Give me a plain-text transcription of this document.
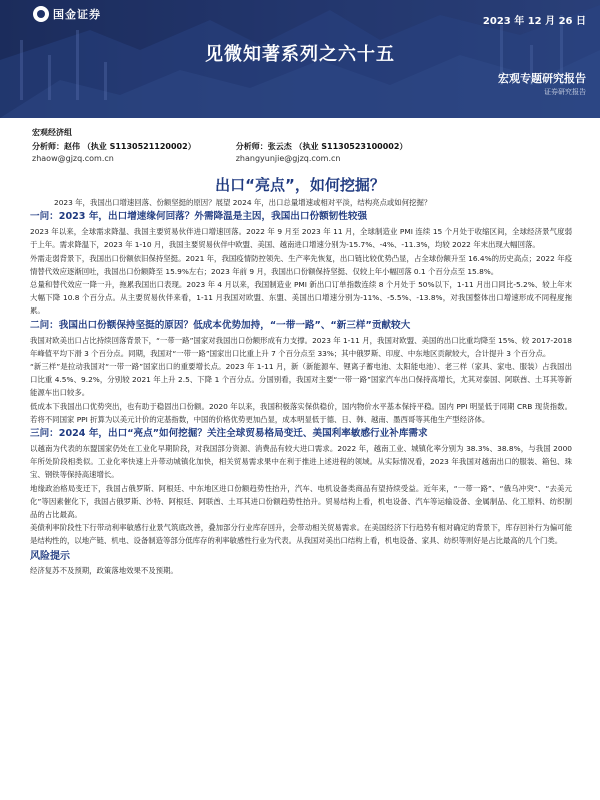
国金证券
2023 年 12 月 26 日
见微知著系列之六十五
宏观专题研究报告
证券研究报告
宏观经济组
分析师：赵伟 （执业 S1130521120002）
zhaow@gjzq.com.cn
分析师：张云杰 （执业 S1130523100002）
zhangyunjie@gjzq.com.cn
出口“亮点”，如何挖掘？

2023 年，我国出口增速回落、份额坚挺的原因？展望 2024 年，出口总量增速或相对平淡，结构亮点或如何挖掘？

一问：2023 年，出口增速缘何回落？外需降温是主因，我国出口份额韧性较强

2023 年以来，全球需求降温、我国主要贸易伙伴进口增速回落。2022 年 9 月至 2023 年 11 月，全球制造业 PMI 连续 15 个月处于收缩区间，全球经济景气度弱于上年。需求降温下，2023 年 1-10 月，我国主要贸易伙伴中欧盟、美国、越南进口增速分别为-15.7%、-4%、-11.3%，均较 2022 年末出现大幅回落。

外需走弱背景下，我国出口份额依旧保持坚挺。2021 年，我国疫情防控领先、生产率先恢复，出口链比较优势凸显，占全球份额升至 16.4%的历史高点；2022 年疫情替代效应逐渐回吐，我国出口份额降至 15.9%左右；2023 年前 9 月，我国出口份额保持坚挺、仅较上年小幅回落 0.1 个百分点至 15.8%。

总量和替代效应一降一升，拖累我国出口表现。2023 年 4 月以来，我国制造业 PMI 新出口订单指数连续 8 个月处于 50%以下，1-11 月出口同比-5.2%、较上年末大幅下降 10.8 个百分点。从主要贸易伙伴来看，1-11 月我国对欧盟、东盟、美国出口增速分别为-11%、-5.5%、-13.8%，对我国整体出口增速形成不同程度拖累。

二问：我国出口份额保持坚挺的原因？低成本优势加持，“一带一路”、“新三样”贡献较大

我国对欧美出口占比持续回落背景下，“一带一路”国家对我国出口份额形成有力支撑。2023 年 1-11 月，我国对欧盟、美国的出口比重均降至 15%、较 2017-2018 年峰值平均下滑 3 个百分点。同期，我国对“一带一路”国家出口比重上升 7 个百分点至 33%；其中俄罗斯、印度、中东地区贡献较大，合计提升 3 个百分点。

“新三样”是拉动我国对“一带一路”国家出口的重要增长点。2023 年 1-11 月，新（新能源车、锂离子蓄电池、太阳能电池）、老三样（家具、家电、服装）占我国出口比重 4.5%、9.2%，分别较 2021 年上升 2.5、下降 1 个百分点。分国别看，我国对主要“一带一路”国家汽车出口保持高增长，尤其对泰国、阿联酋、土耳其等新能源车出口较多。

低成本下我国出口优势突出，也有助于稳固出口份额。2020 年以来，我国积极落实保供稳价，国内物价水平基本保持平稳。国内 PPI 明显低于同期 CRB 现货指数。若将不同国家 PPI 折算为以美元计价的定基指数，中国的价格优势更加凸显，成本明显低于德、日、韩、越南、墨西哥等其他生产型经济体。

三问：2024 年，出口“亮点”如何挖掘？关注全球贸易格局变迁、美国利率敏感行业补库需求

以越南为代表的东盟国家仍处在工业化早期阶段，对我国部分资源、消费品有较大进口需求。2022 年，越南工业、城镇化率分别为 38.3%、38.8%，与我国 2000 年所处阶段相类似。工业化率快速上升带动城镇化加快，相关贸易需求果中在利于推进上述进程的领域。从实际情况看，2023 年我国对越南出口的服装、箱包、珠宝、钢铁等保持高速增长。

地缘政治格局变迁下，我国占俄罗斯、阿根廷、中东地区进口份额趋势性抬升，汽车、电机设备类商品有望持续受益。近年来，“一带一路”、“俄乌冲突”、“去美元化”等因素催化下，我国占俄罗斯、沙特、阿根廷、阿联酋、土耳其进口份额趋势性抬升。贸易结构上看，机电设备、汽车等运输设备、金属制品、化工原料、纺织制品的占比最高。

美债利率阶段性下行带动利率敏感行业景气筑底改善，叠加部分行业库存回升，会带动相关贸易需求。在美国经济下行趋势有相对确定的背景下，库存回补行为偏可能是结构性的，以地产链、机电、设备制造等部分低库存的利率敏感性行业为代表。从我国对美出口结构上看，机电设备、家具、纺织等则好是占比最高的几个门类。

风险提示

经济复苏不及预期，政策落地效果不及预期。
